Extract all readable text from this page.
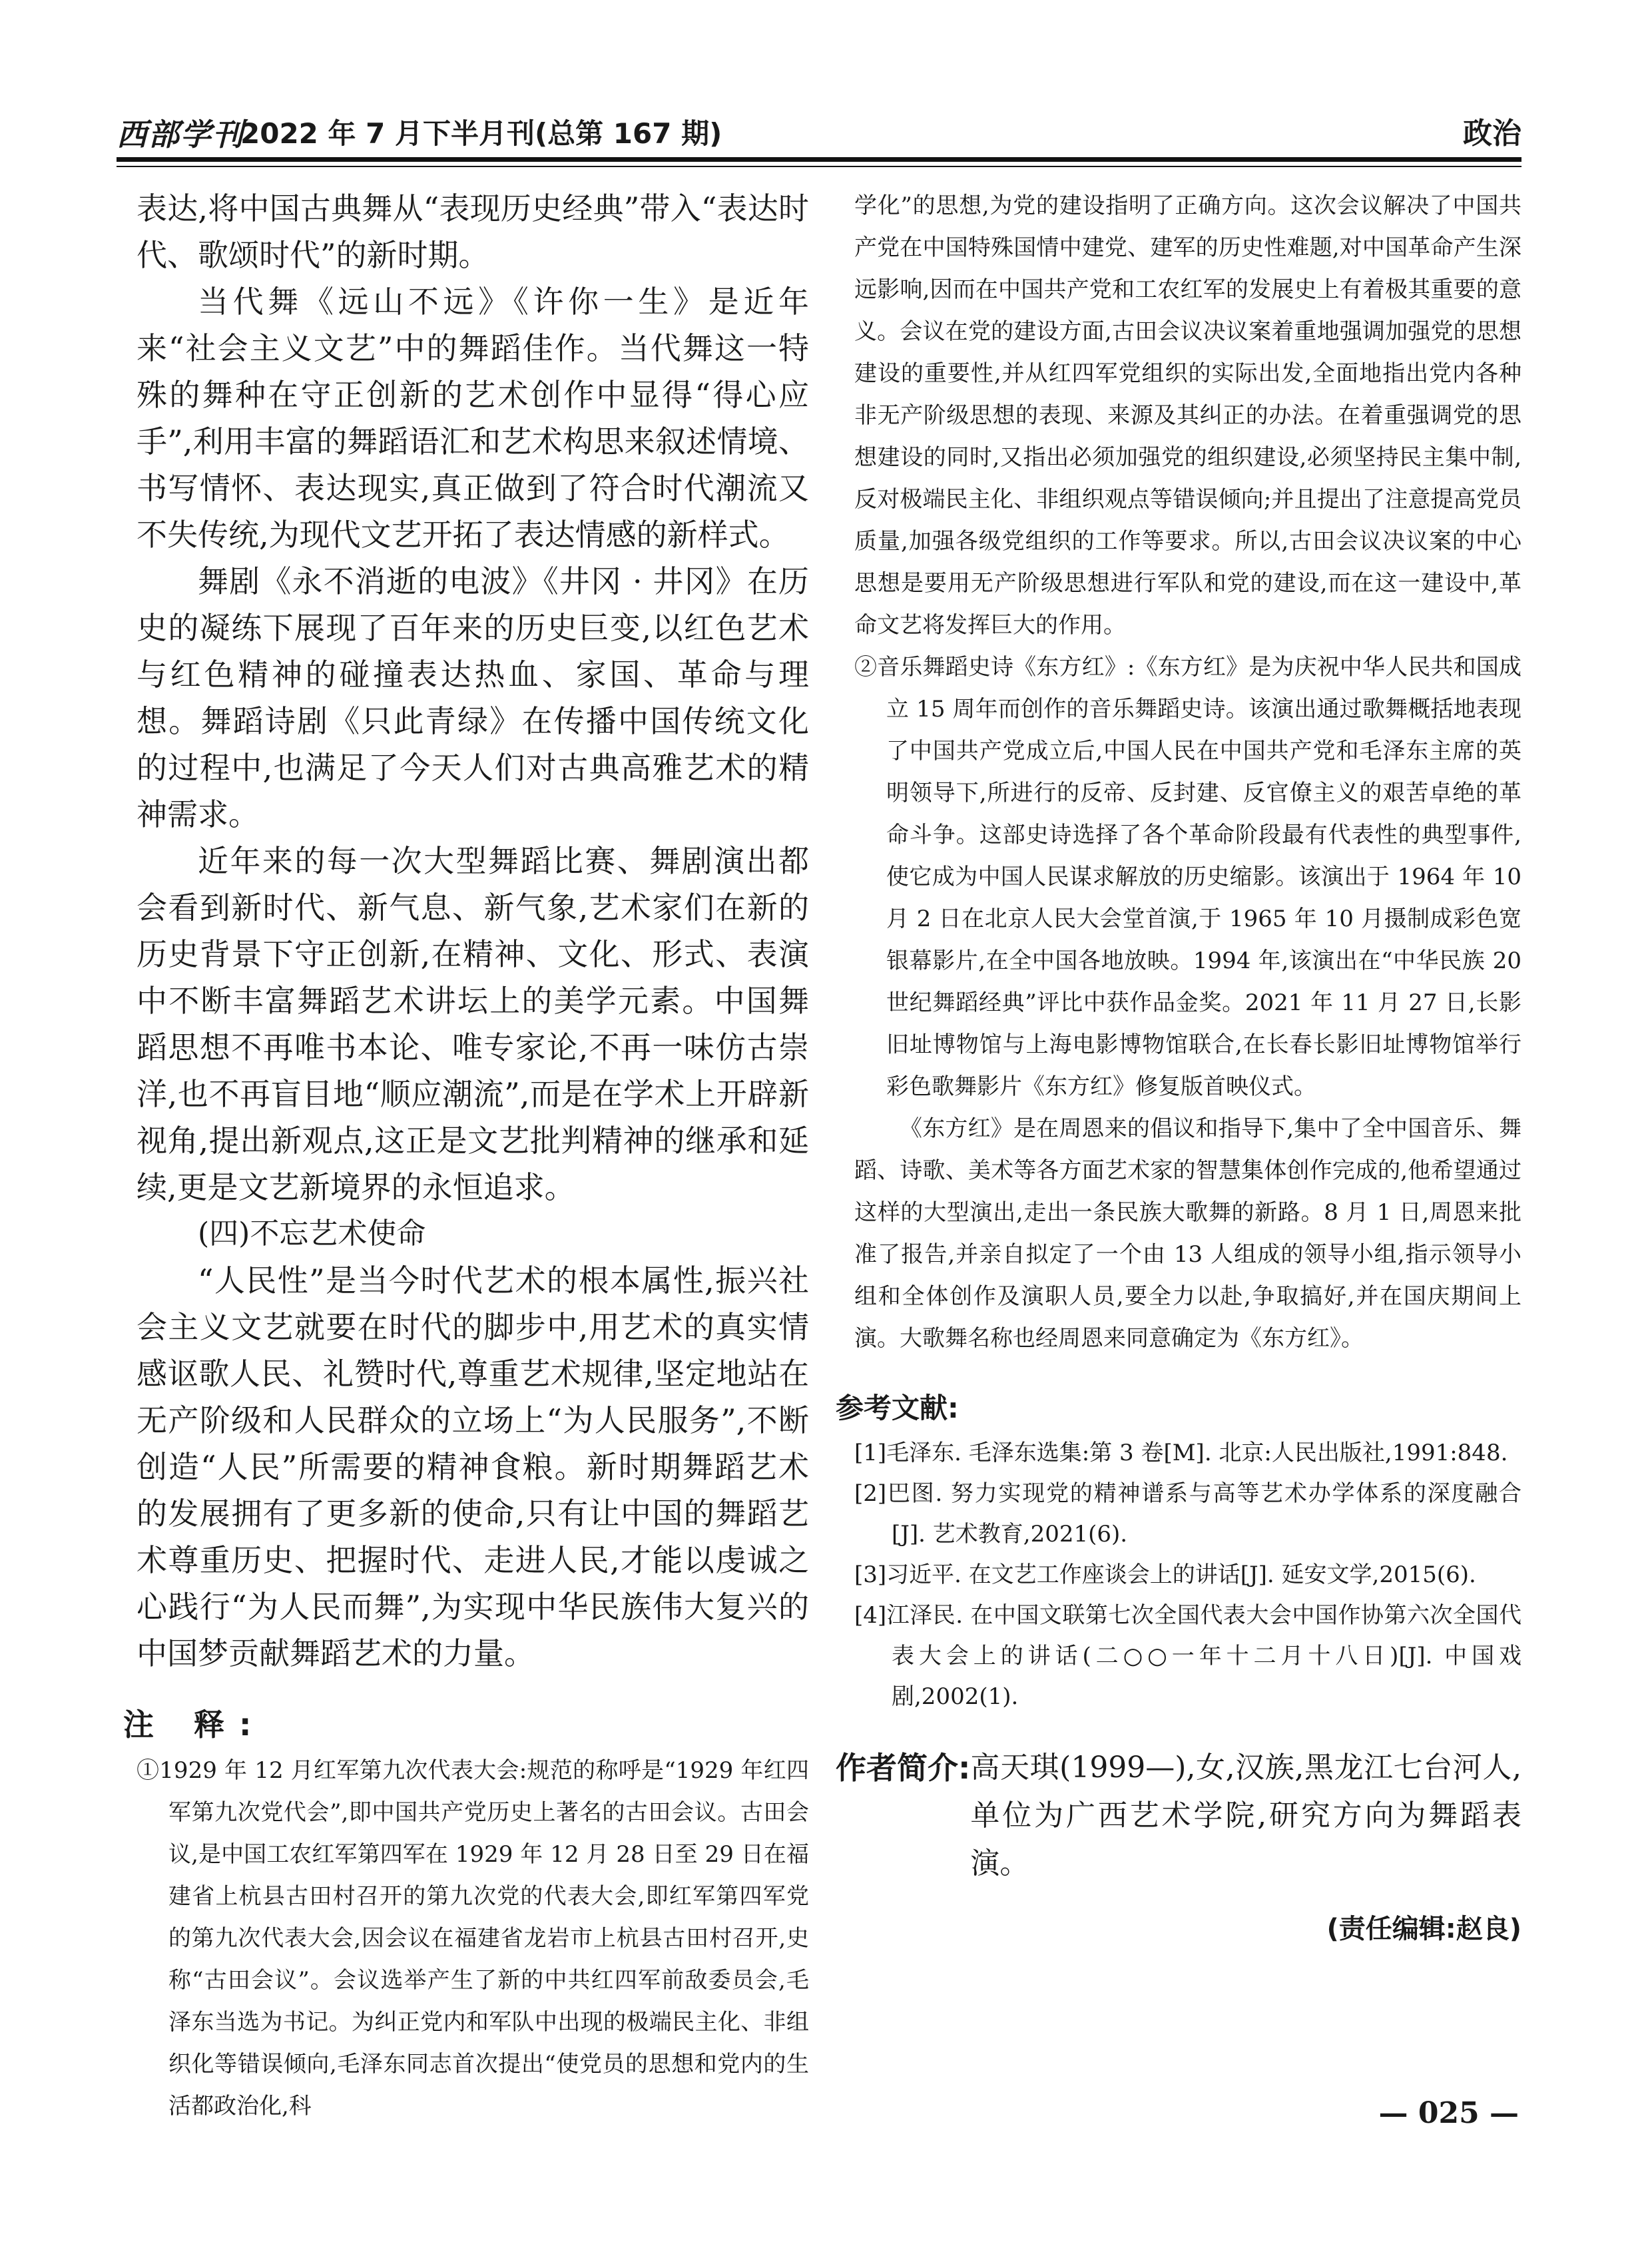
西部学刊
2022 年 7 月下半月刊(总第 167 期)	政治

表达,将中国古典舞从“表现历史经典”带入“表达时代、歌颂时代”的新时期。

当代舞《远山不远》《许你一生》是近年来“社会主义文艺”中的舞蹈佳作。当代舞这一特殊的舞种在守正创新的艺术创作中显得“得心应手”,利用丰富的舞蹈语汇和艺术构思来叙述情境、书写情怀、表达现实,真正做到了符合时代潮流又不失传统,为现代文艺开拓了表达情感的新样式。

舞剧《永不消逝的电波》《井冈 · 井冈》在历史的凝练下展现了百年来的历史巨变,以红色艺术与红色精神的碰撞表达热血、家国、革命与理想。舞蹈诗剧《只此青绿》在传播中国传统文化的过程中,也满足了今天人们对古典高雅艺术的精神需求。

近年来的每一次大型舞蹈比赛、舞剧演出都会看到新时代、新气息、新气象,艺术家们在新的历史背景下守正创新,在精神、文化、形式、表演中不断丰富舞蹈艺术讲坛上的美学元素。中国舞蹈思想不再唯书本论、唯专家论,不再一味仿古崇洋,也不再盲目地“顺应潮流”,而是在学术上开辟新视角,提出新观点,这正是文艺批判精神的继承和延续,更是文艺新境界的永恒追求。

(四)不忘艺术使命

“人民性”是当今时代艺术的根本属性,振兴社会主义文艺就要在时代的脚步中,用艺术的真实情感讴歌人民、礼赞时代,尊重艺术规律,坚定地站在无产阶级和人民群众的立场上“为人民服务”,不断创造“人民”所需要的精神食粮。新时期舞蹈艺术的发展拥有了更多新的使命,只有让中国的舞蹈艺术尊重历史、把握时代、走进人民,才能以虔诚之心践行“为人民而舞”,为实现中华民族伟大复兴的中国梦贡献舞蹈艺术的力量。

注 释:

①1929 年 12 月红军第九次代表大会:规范的称呼是“1929 年红四军第九次党代会”,即中国共产党历史上著名的古田会议。古田会议,是中国工农红军第四军在 1929 年 12 月 28 日至 29 日在福建省上杭县古田村召开的第九次党的代表大会,即红军第四军党的第九次代表大会,因会议在福建省龙岩市上杭县古田村召开,史称“古田会议”。会议选举产生了新的中共红四军前敌委员会,毛泽东当选为书记。为纠正党内和军队中出现的极端民主化、非组织化等错误倾向,毛泽东同志首次提出“使党员的思想和党内的生活都政治化,科

学化”的思想,为党的建设指明了正确方向。这次会议解决了中国共产党在中国特殊国情中建党、建军的历史性难题,对中国革命产生深远影响,因而在中国共产党和工农红军的发展史上有着极其重要的意义。会议在党的建设方面,古田会议决议案着重地强调加强党的思想建设的重要性,并从红四军党组织的实际出发,全面地指出党内各种非无产阶级思想的表现、来源及其纠正的办法。在着重强调党的思想建设的同时,又指出必须加强党的组织建设,必须坚持民主集中制,反对极端民主化、非组织观点等错误倾向;并且提出了注意提高党员质量,加强各级党组织的工作等要求。所以,古田会议决议案的中心思想是要用无产阶级思想进行军队和党的建设,而在这一建设中,革命文艺将发挥巨大的作用。

②音乐舞蹈史诗《东方红》:《东方红》是为庆祝中华人民共和国成立 15 周年而创作的音乐舞蹈史诗。该演出通过歌舞概括地表现了中国共产党成立后,中国人民在中国共产党和毛泽东主席的英明领导下,所进行的反帝、反封建、反官僚主义的艰苦卓绝的革命斗争。这部史诗选择了各个革命阶段最有代表性的典型事件,使它成为中国人民谋求解放的历史缩影。该演出于 1964 年 10 月 2 日在北京人民大会堂首演,于 1965 年 10 月摄制成彩色宽银幕影片,在全中国各地放映。1994 年,该演出在“中华民族 20 世纪舞蹈经典”评比中获作品金奖。2021 年 11 月 27 日,长影旧址博物馆与上海电影博物馆联合,在长春长影旧址博物馆举行彩色歌舞影片《东方红》修复版首映仪式。

《东方红》是在周恩来的倡议和指导下,集中了全中国音乐、舞蹈、诗歌、美术等各方面艺术家的智慧集体创作完成的,他希望通过这样的大型演出,走出一条民族大歌舞的新路。8 月 1 日,周恩来批准了报告,并亲自拟定了一个由 13 人组成的领导小组,指示领导小组和全体创作及演职人员,要全力以赴,争取搞好,并在国庆期间上演。大歌舞名称也经周恩来同意确定为《东方红》。

参考文献:

[1]毛泽东. 毛泽东选集:第 3 卷[M]. 北京:人民出版社,1991:848.

[2]巴图. 努力实现党的精神谱系与高等艺术办学体系的深度融合[J]. 艺术教育,2021(6).

[3]习近平. 在文艺工作座谈会上的讲话[J]. 延安文学,2015(6).

[4]江泽民. 在中国文联第七次全国代表大会中国作协第六次全国代表大会上的讲话(二○○一年十二月十八日)[J]. 中国戏剧,2002(1).

作者简介: 高天琪(1999—),女,汉族,黑龙江七台河人,单位为广西艺术学院,研究方向为舞蹈表演。
(责任编辑:赵良)
— 025 —
